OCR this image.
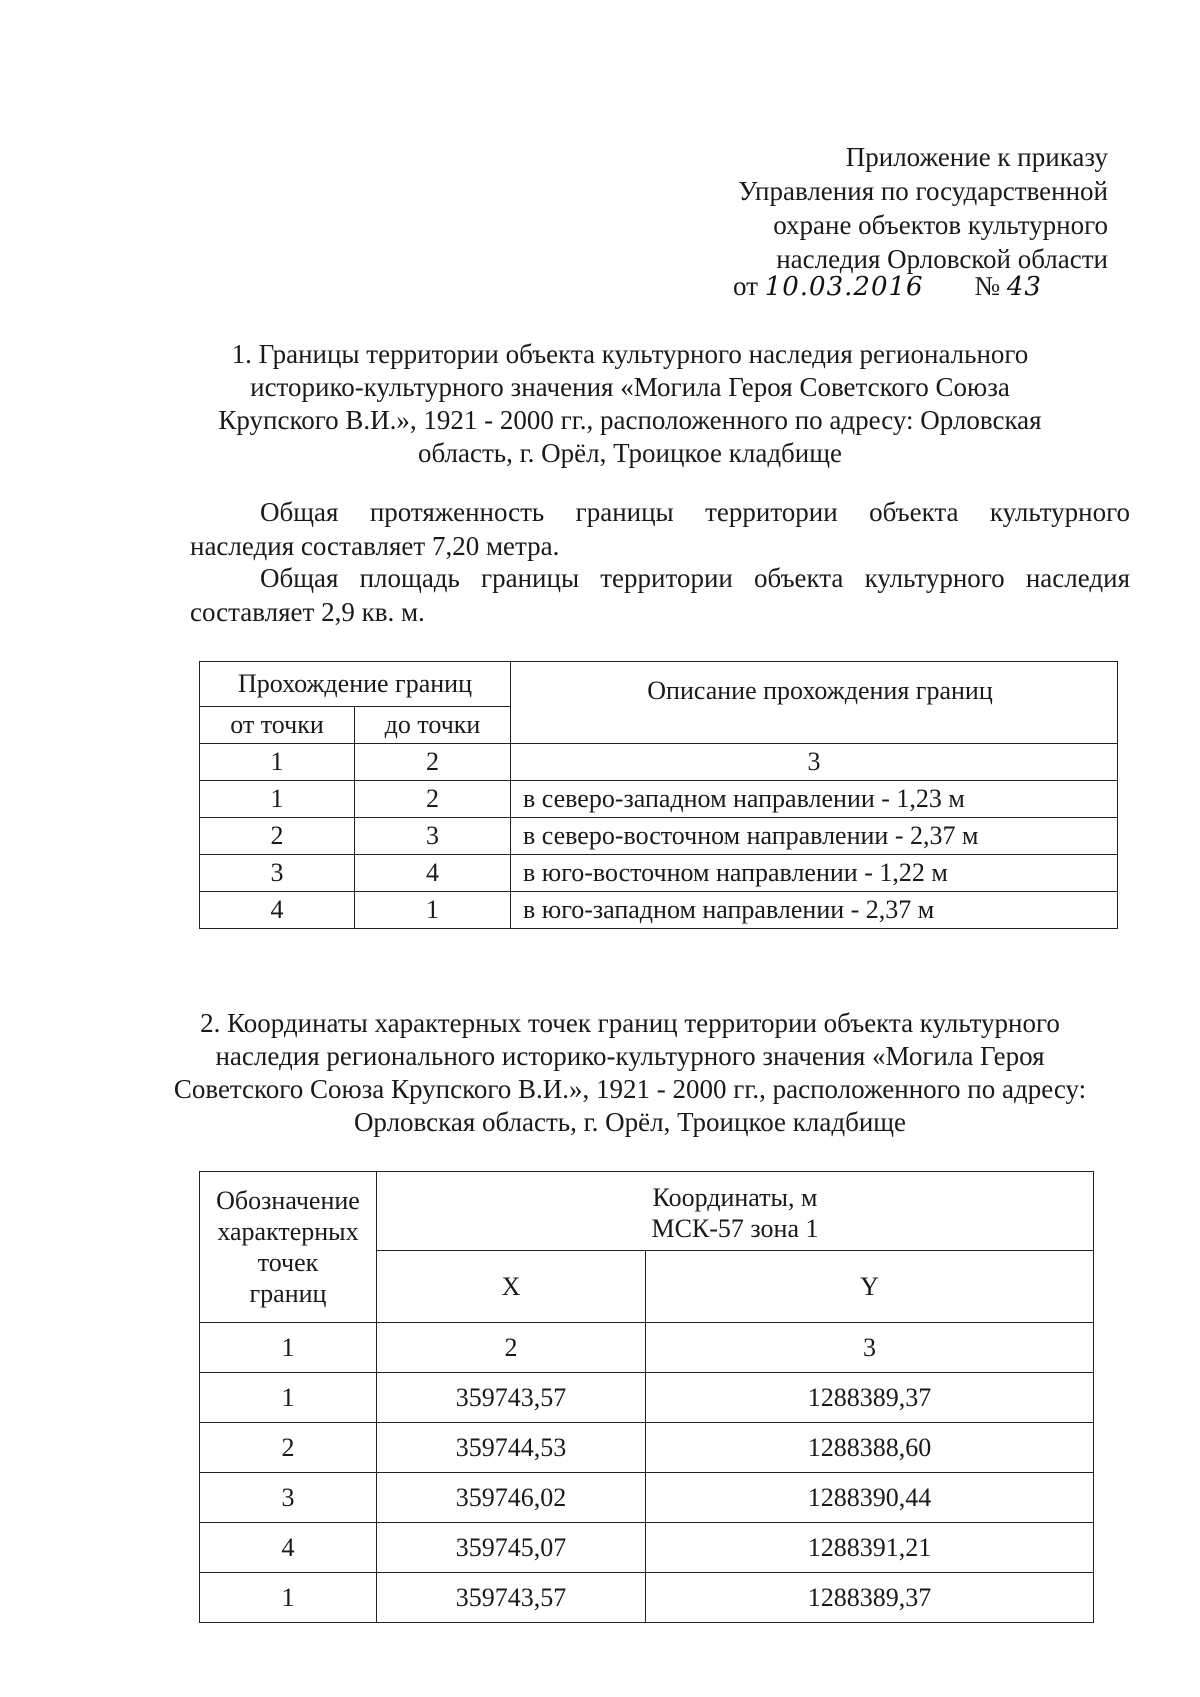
Приложение к приказу
Управления по государственной
охране объектов культурного
наследия Орловской области
от 10.03.2016 № 43
1. Границы территории объекта культурного наследия регионального
историко-культурного значения «Могила Героя Советского Союза
Крупского В.И.», 1921 - 2000 гг., расположенного по адресу: Орловская
область, г. Орёл, Троицкое кладбище
Общая протяженность границы территории объекта культурного
наследия составляет 7,20 метра.
Общая площадь границы территории объекта культурного наследия
составляет 2,9 кв. м.
Прохождение границ		Описание прохождения границ
от точки	до точки	
1	2	3
1	2	в северо-западном направлении - 1,23 м
2	3	в северо-восточном направлении - 2,37 м
3	4	в юго-восточном направлении - 1,22 м
4	1	в юго-западном направлении - 2,37 м
2. Координаты характерных точек границ территории объекта культурного
наследия регионального историко-культурного значения «Могила Героя
Советского Союза Крупского В.И.», 1921 - 2000 гг., расположенного по адресу:
Орловская область, г. Орёл, Троицкое кладбище
Обозначение
характерных
точек
границ	Координаты, м
МСК-57 зона 1	

	X	Y
1	2	3
1	359743,57	1288389,37
2	359744,53	1288388,60
3	359746,02	1288390,44
4	359745,07	1288391,21
1	359743,57	1288389,37
